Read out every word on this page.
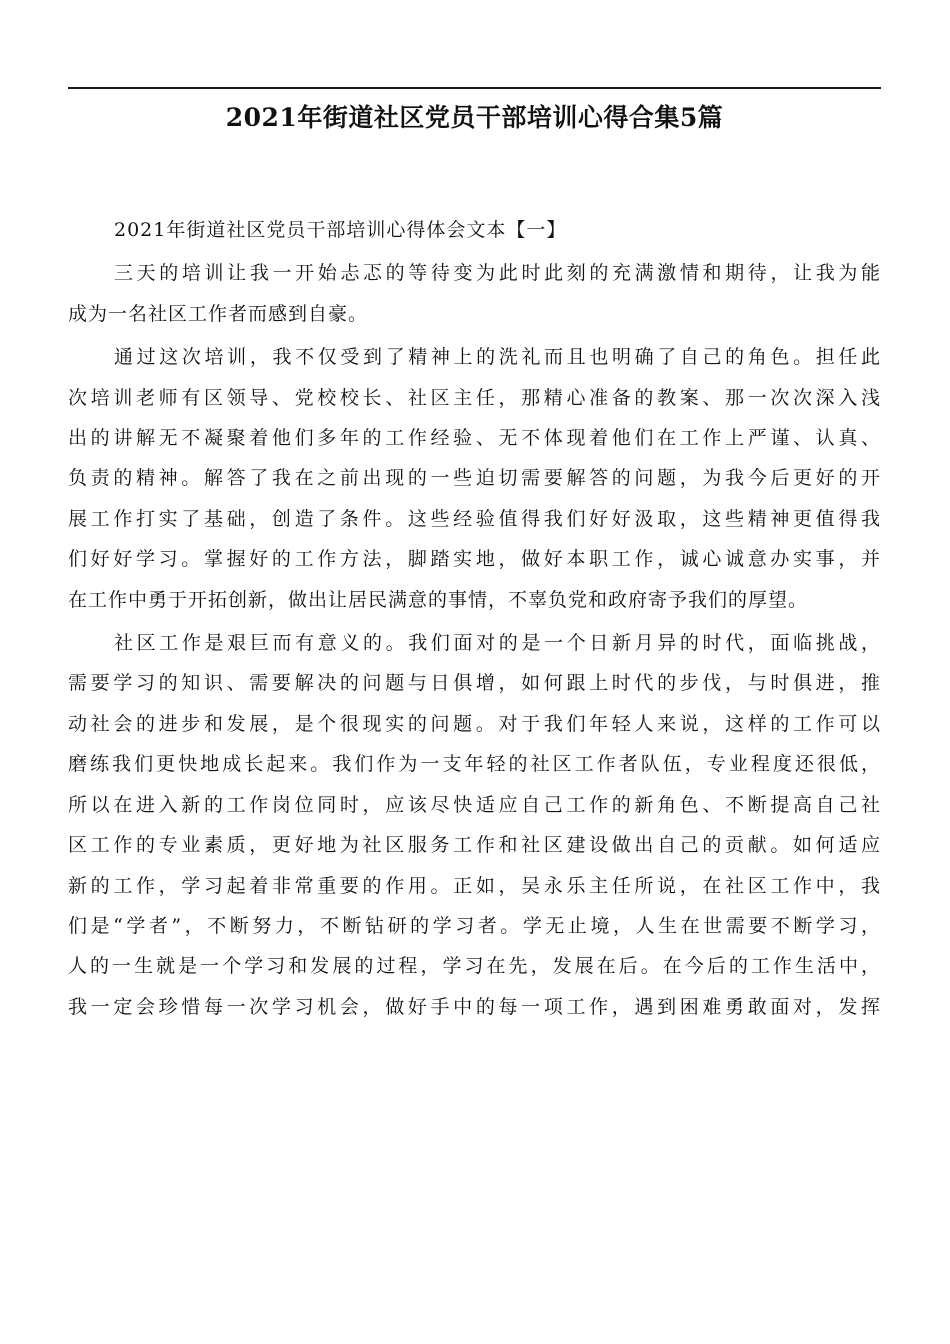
2021年街道社区党员干部培训心得合集5篇

2021年街道社区党员干部培训心得体会文本【一】

三天的培训让我一开始忐忑的等待变为此时此刻的充满激情和期待，让我为能
成为一名社区工作者而感到自豪。

通过这次培训，我不仅受到了精神上的洗礼而且也明确了自己的角色。担任此
次培训老师有区领导、党校校长、社区主任，那精心准备的教案、那一次次深入浅
出的讲解无不凝聚着他们多年的工作经验、无不体现着他们在工作上严谨、认真、
负责的精神。解答了我在之前出现的一些迫切需要解答的问题，为我今后更好的开
展工作打实了基础，创造了条件。这些经验值得我们好好汲取，这些精神更值得我
们好好学习。掌握好的工作方法，脚踏实地，做好本职工作，诚心诚意办实事，并
在工作中勇于开拓创新，做出让居民满意的事情，不辜负党和政府寄予我们的厚望。

社区工作是艰巨而有意义的。我们面对的是一个日新月异的时代，面临挑战，
需要学习的知识、需要解决的问题与日俱增，如何跟上时代的步伐，与时俱进，推
动社会的进步和发展，是个很现实的问题。对于我们年轻人来说，这样的工作可以
磨练我们更快地成长起来。我们作为一支年轻的社区工作者队伍，专业程度还很低，
所以在进入新的工作岗位同时，应该尽快适应自己工作的新角色、不断提高自己社
区工作的专业素质，更好地为社区服务工作和社区建设做出自己的贡献。如何适应
新的工作，学习起着非常重要的作用。正如，吴永乐主任所说，在社区工作中，我
们是“学者”，不断努力，不断钻研的学习者。学无止境，人生在世需要不断学习，
人的一生就是一个学习和发展的过程，学习在先，发展在后。在今后的工作生活中，
我一定会珍惜每一次学习机会，做好手中的每一项工作，遇到困难勇敢面对，发挥
